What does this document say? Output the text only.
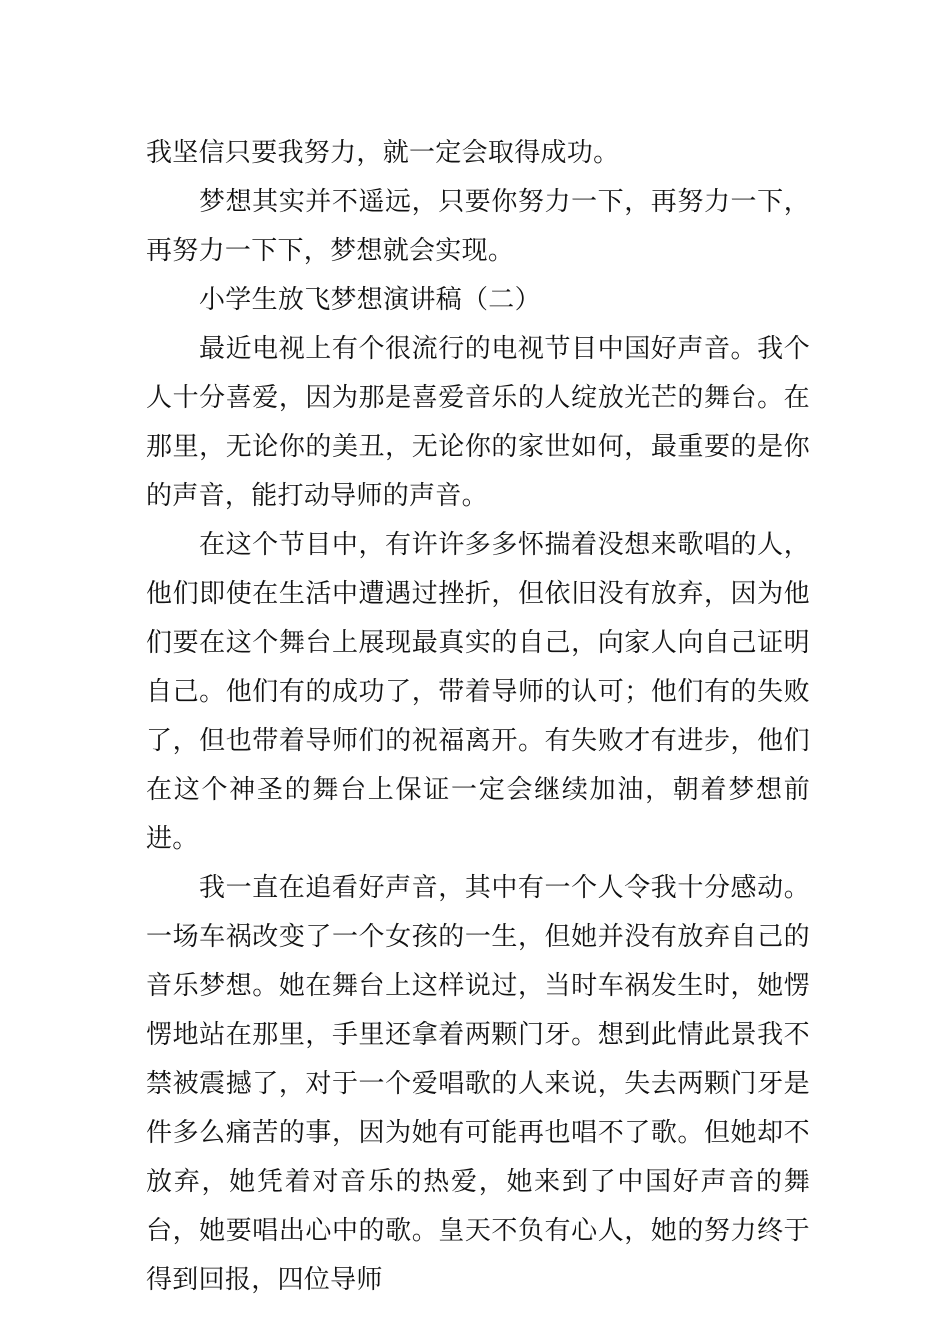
我坚信只要我努力，就一定会取得成功。

梦想其实并不遥远，只要你努力一下，再努力一下，再努力一下下，梦想就会实现。

小学生放飞梦想演讲稿（二）

最近电视上有个很流行的电视节目中国好声音。我个人十分喜爱，因为那是喜爱音乐的人绽放光芒的舞台。在那里，无论你的美丑，无论你的家世如何，最重要的是你的声音，能打动导师的声音。

在这个节目中，有许许多多怀揣着没想来歌唱的人，他们即使在生活中遭遇过挫折，但依旧没有放弃，因为他们要在这个舞台上展现最真实的自己，向家人向自己证明自己。他们有的成功了，带着导师的认可；他们有的失败了，但也带着导师们的祝福离开。有失败才有进步，他们在这个神圣的舞台上保证一定会继续加油，朝着梦想前进。

我一直在追看好声音，其中有一个人令我十分感动。一场车祸改变了一个女孩的一生，但她并没有放弃自己的音乐梦想。她在舞台上这样说过，当时车祸发生时，她愣愣地站在那里，手里还拿着两颗门牙。想到此情此景我不禁被震撼了，对于一个爱唱歌的人来说，失去两颗门牙是件多么痛苦的事，因为她有可能再也唱不了歌。但她却不放弃，她凭着对音乐的热爱，她来到了中国好声音的舞台，她要唱出心中的歌。皇天不负有心人，她的努力终于得到回报，四位导师
